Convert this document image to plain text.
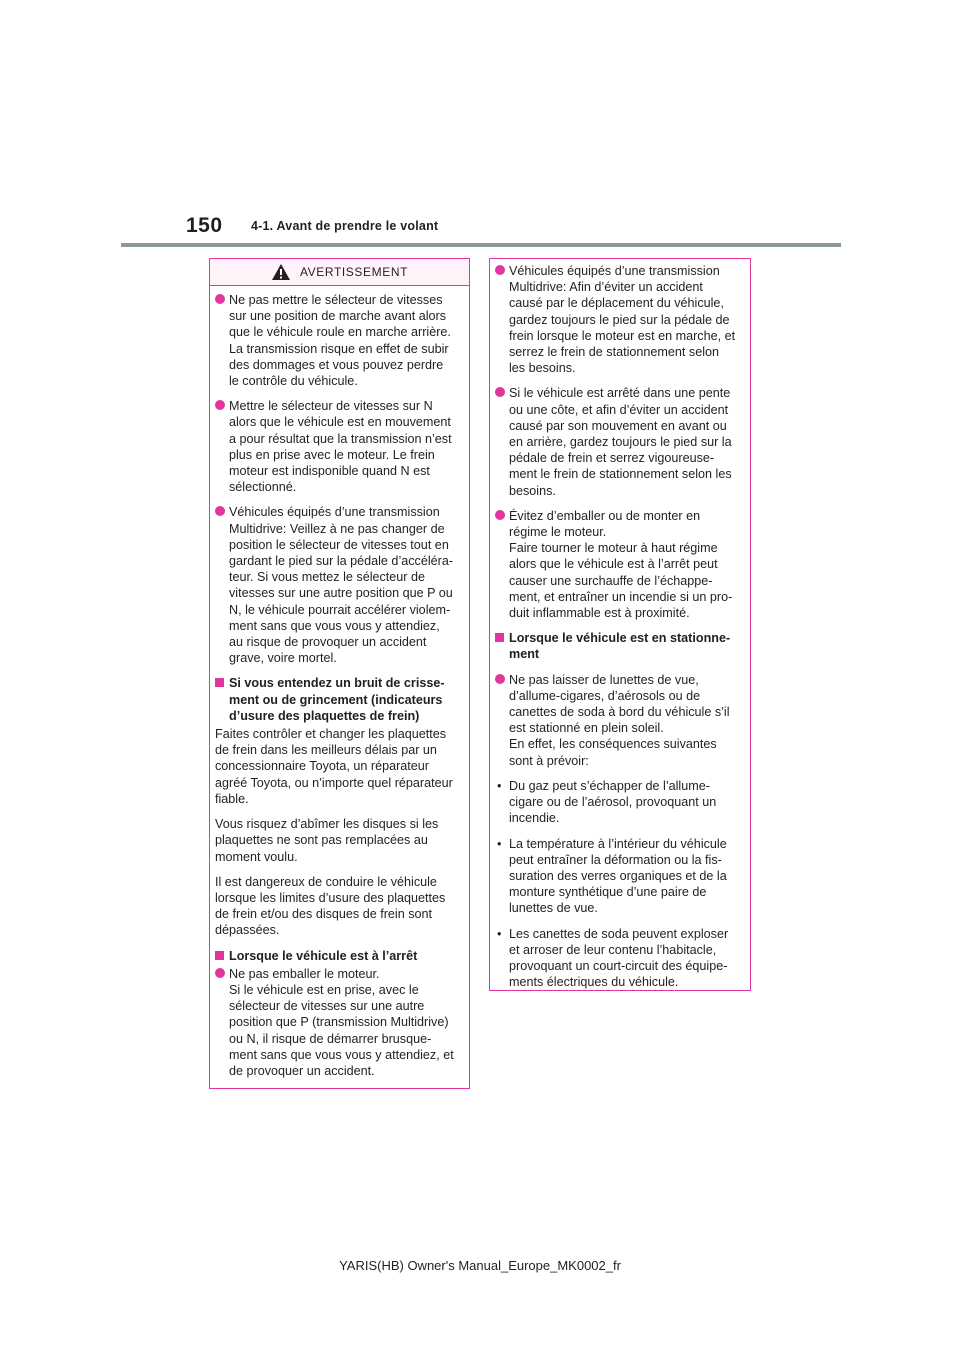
150 4-1. Avant de prendre le volant
AVERTISSEMENT
Ne pas mettre le sélecteur de vitesses sur une position de marche avant alors que le véhicule roule en marche arrière. La transmission risque en effet de subir des dommages et vous pouvez perdre le contrôle du véhicule.
Mettre le sélecteur de vitesses sur N alors que le véhicule est en mouvement a pour résultat que la transmission n’est plus en prise avec le moteur. Le frein moteur est indisponible quand N est sélectionné.
Véhicules équipés d’une transmission Multidrive: Veillez à ne pas changer de position le sélecteur de vitesses tout en gardant le pied sur la pédale d’accéléra-teur. Si vous mettez le sélecteur de vitesses sur une autre position que P ou N, le véhicule pourrait accélérer violem-ment sans que vous vous y attendiez, au risque de provoquer un accident grave, voire mortel.
Si vous entendez un bruit de crisse-ment ou de grincement (indicateurs d’usure des plaquettes de frein)
Faites contrôler et changer les plaquettes de frein dans les meilleurs délais par un concessionnaire Toyota, un réparateur agréé Toyota, ou n’importe quel réparateur fiable.
Vous risquez d’abîmer les disques si les plaquettes ne sont pas remplacées au moment voulu.
Il est dangereux de conduire le véhicule lorsque les limites d’usure des plaquettes de frein et/ou des disques de frein sont dépassées.
Lorsque le véhicule est à l’arrêt
Ne pas emballer le moteur.
Si le véhicule est en prise, avec le sélecteur de vitesses sur une autre position que P (transmission Multidrive) ou N, il risque de démarrer brusque-ment sans que vous vous y attendiez, et de provoquer un accident.
Véhicules équipés d’une transmission Multidrive: Afin d’éviter un accident causé par le déplacement du véhicule, gardez toujours le pied sur la pédale de frein lorsque le moteur est en marche, et serrez le frein de stationnement selon les besoins.
Si le véhicule est arrêté dans une pente ou une côte, et afin d’éviter un accident causé par son mouvement en avant ou en arrière, gardez toujours le pied sur la pédale de frein et serrez vigoureuse-ment le frein de stationnement selon les besoins.
Évitez d’emballer ou de monter en régime le moteur.
Faire tourner le moteur à haut régime alors que le véhicule est à l’arrêt peut causer une surchauffe de l’échappe-ment, et entraîner un incendie si un pro-duit inflammable est à proximité.
Lorsque le véhicule est en stationne-ment
Ne pas laisser de lunettes de vue, d’allume-cigares, d’aérosols ou de canettes de soda à bord du véhicule s’il est stationné en plein soleil.
En effet, les conséquences suivantes sont à prévoir:
• Du gaz peut s’échapper de l’allume-cigare ou de l’aérosol, provoquant un incendie.
• La température à l’intérieur du véhicule peut entraîner la déformation ou la fis-suration des verres organiques et de la monture synthétique d’une paire de lunettes de vue.
• Les canettes de soda peuvent exploser et arroser de leur contenu l’habitacle, provoquant un court-circuit des équipe-ments électriques du véhicule.
YARIS(HB) Owner's Manual_Europe_MK0002_fr
